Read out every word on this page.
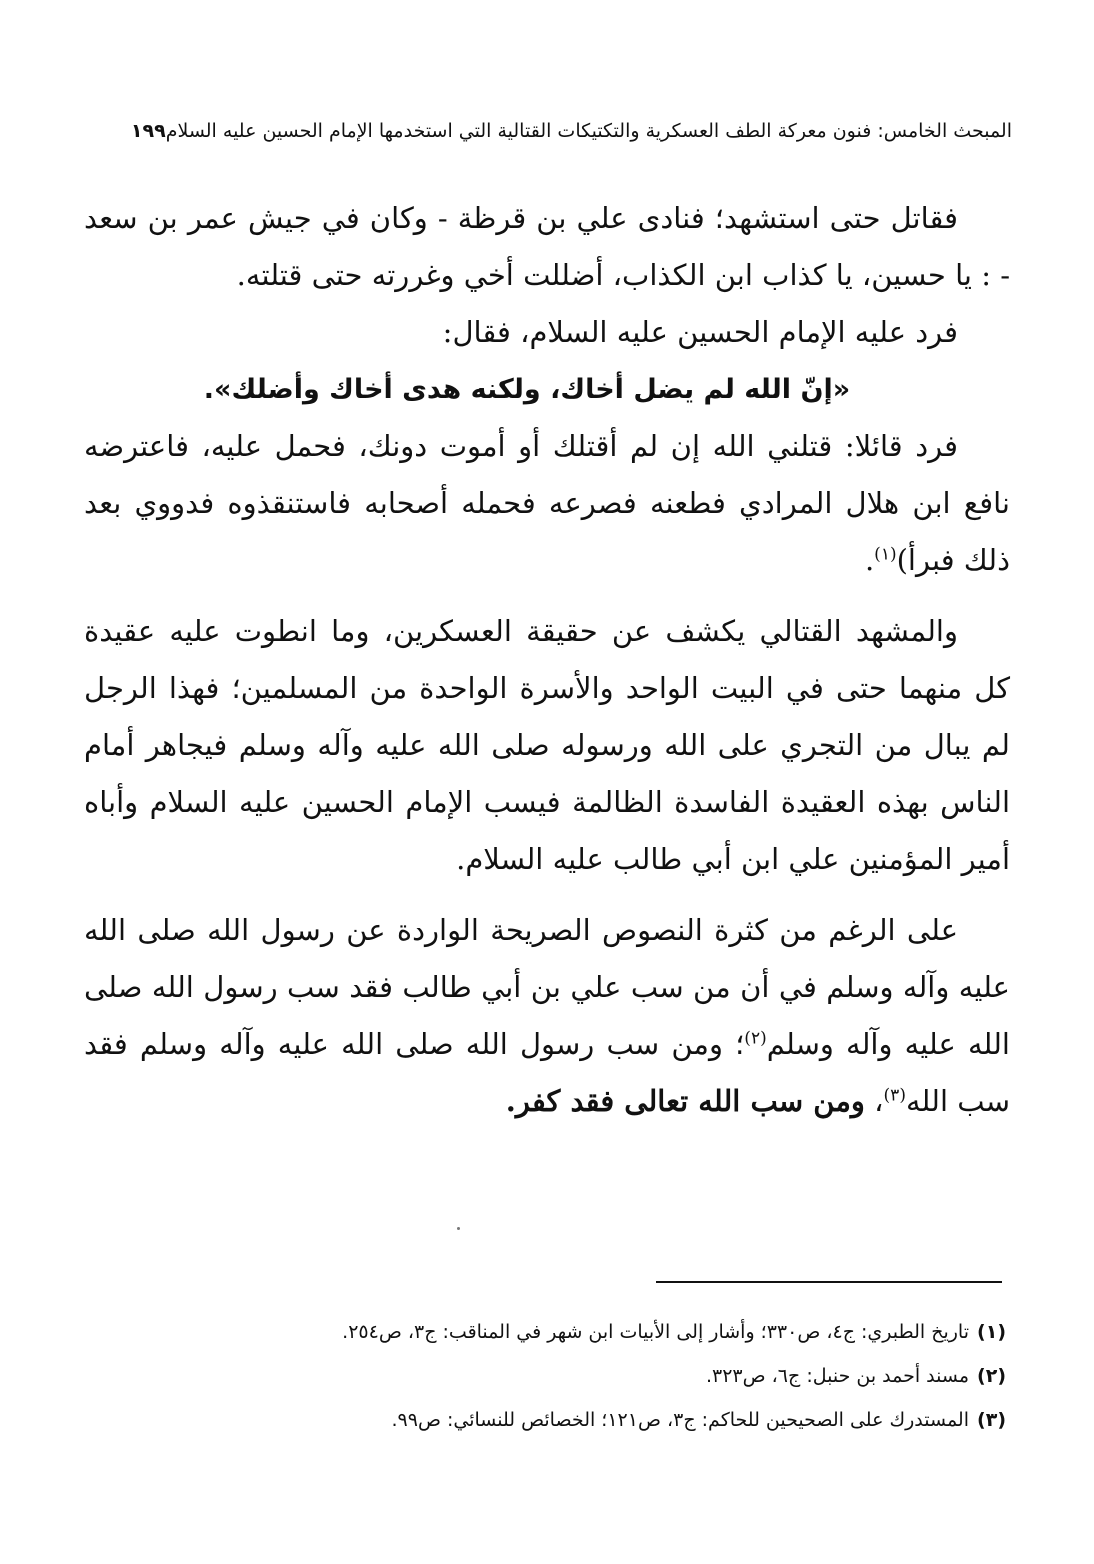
المبحث الخامس: فنون معركة الطف العسكرية والتكتيكات القتالية التي استخدمها الإمام الحسين عليه السلام١٩٩

فقاتل حتى استشهد؛ فنادى علي بن قرظة - وكان في جيش عمر بن سعد - : يا حسين، يا كذاب ابن الكذاب، أضللت أخي وغررته حتى قتلته.

فرد عليه الإمام الحسين عليه السلام، فقال:

«إنّ الله لم يضل أخاك، ولكنه هدى أخاك وأضلك».

فرد قائلا: قتلني الله إن لم أقتلك أو أموت دونك، فحمل عليه، فاعترضه نافع ابن هلال المرادي فطعنه فصرعه فحمله أصحابه فاستنقذوه فدووي بعد ذلك فبرأ)$^{(١)}$.

والمشهد القتالي يكشف عن حقيقة العسكرين، وما انطوت عليه عقيدة كل منهما حتى في البيت الواحد والأسرة الواحدة من المسلمين؛ فهذا الرجل لم يبال من التجري على الله ورسوله صلى الله عليه وآله وسلم فيجاهر أمام الناس بهذه العقيدة الفاسدة الظالمة فيسب الإمام الحسين عليه السلام وأباه أمير المؤمنين علي ابن أبي طالب عليه السلام.

على الرغم من كثرة النصوص الصريحة الواردة عن رسول الله صلى الله عليه وآله وسلم في أن من سب علي بن أبي طالب فقد سب رسول الله صلى الله عليه وآله وسلم$^{(٢)}$؛ ومن سب رسول الله صلى الله عليه وآله وسلم فقد سب الله$^{(٣)}$، ومن سب الله تعالى فقد كفر.

(١)تاريخ الطبري: ج٤، ص٣٣٠؛ وأشار إلى الأبيات ابن شهر في المناقب: ج٣، ص٢٥٤.

(٢)مسند أحمد بن حنبل: ج٦، ص٣٢٣.

(٣)المستدرك على الصحيحين للحاكم: ج٣، ص١٢١؛ الخصائص للنسائي: ص٩٩.
